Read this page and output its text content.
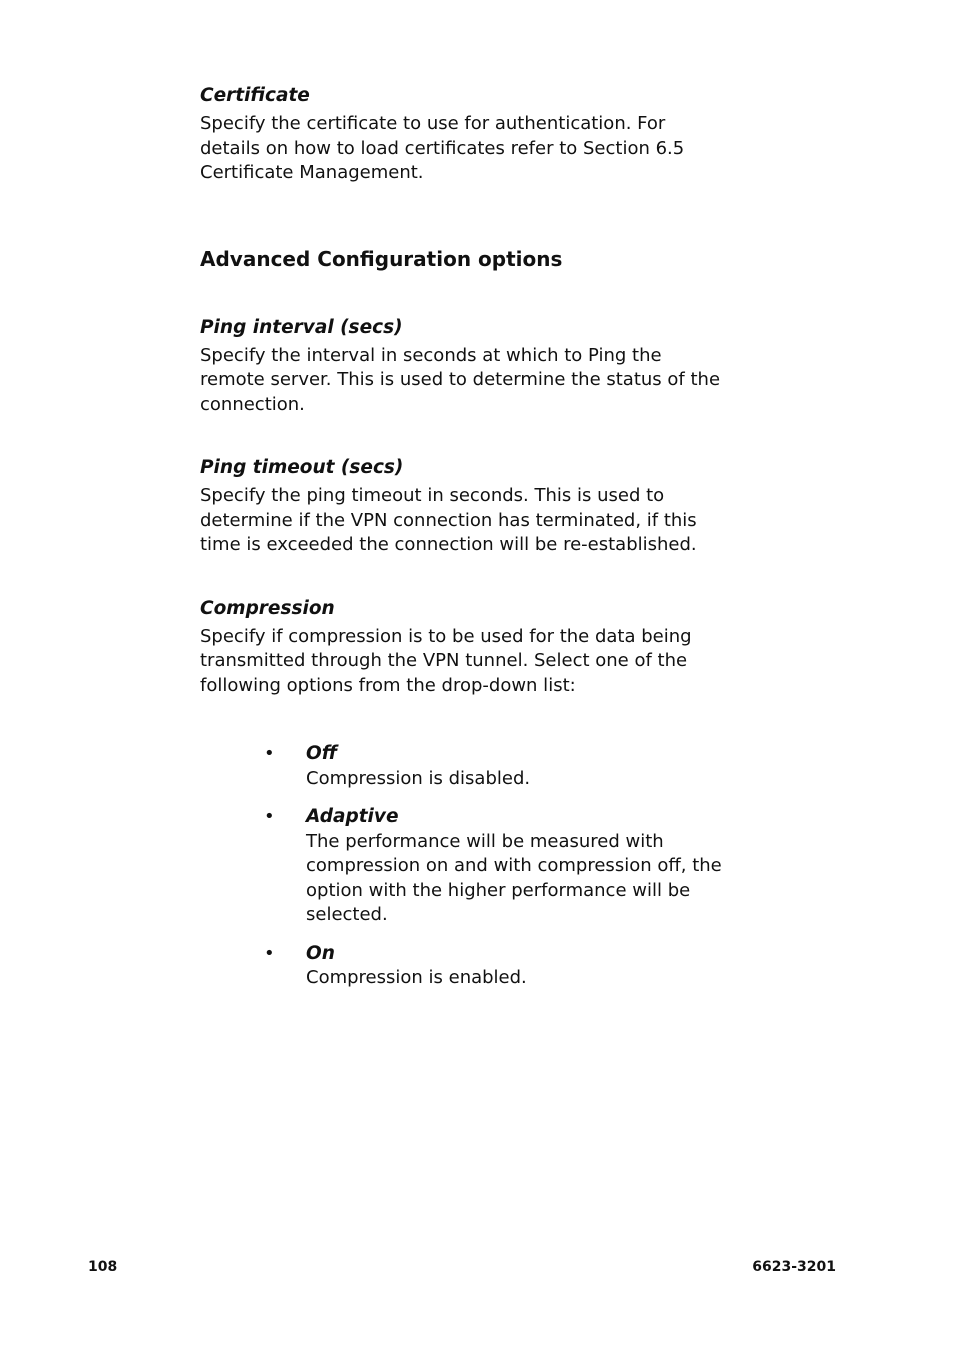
Certificate

Specify the certificate to use for authentication. For details on how to load certificates refer to Section 6.5 Certificate Management.

Advanced Configuration options
Ping interval (secs)

Specify the interval in seconds at which to Ping the remote server. This is used to determine the status of the connection.

Ping timeout (secs)

Specify the ping timeout in seconds. This is used to determine if the VPN connection has terminated, if this time is exceeded the connection will be re-established.

Compression

Specify if compression is to be used for the data being transmitted through the VPN tunnel. Select one of the following options from the drop-down list:

• Off
Compression is disabled.
• Adaptive
The performance will be measured with compression on and with compression off, the option with the higher performance will be selected.
• On
Compression is enabled.
108	6623-3201
